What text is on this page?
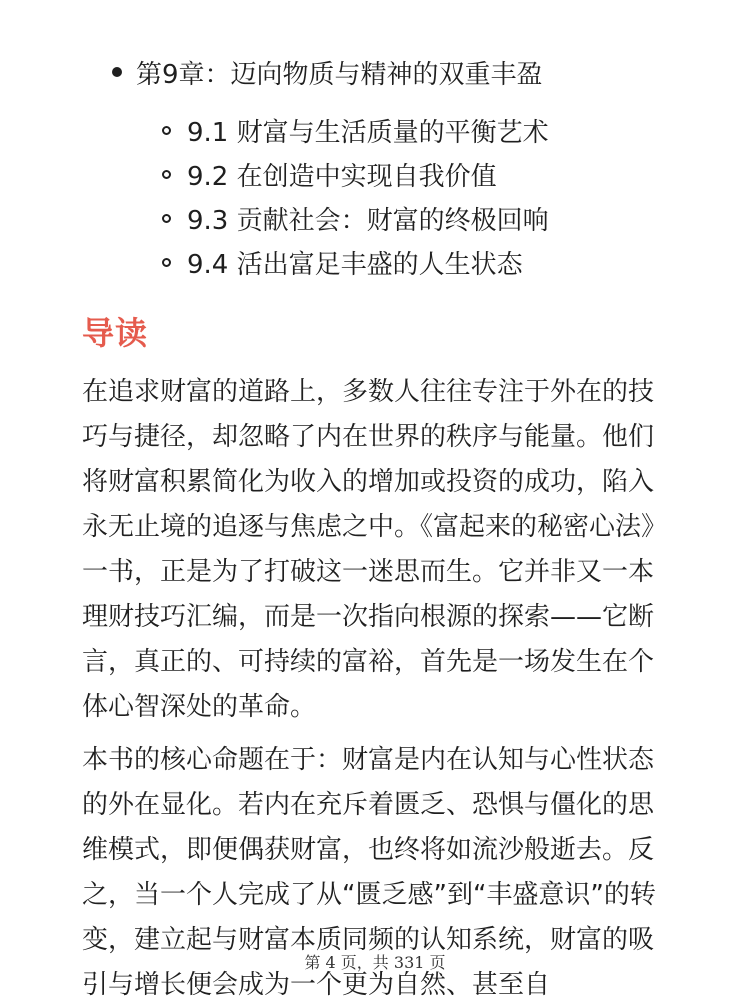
第9章：迈向物质与精神的双重丰盈
9.1 财富与生活质量的平衡艺术
9.2 在创造中实现自我价值
9.3 贡献社会：财富的终极回响
9.4 活出富足丰盛的人生状态
导读

在追求财富的道路上，多数人往往专注于外在的技巧与捷径，却忽略了内在世界的秩序与能量。他们将财富积累简化为收入的增加或投资的成功，陷入永无止境的追逐与焦虑之中。《富起来的秘密心法》一书，正是为了打破这一迷思而生。它并非又一本理财技巧汇编，而是一次指向根源的探索——它断言，真正的、可持续的富裕，首先是一场发生在个体心智深处的革命。

本书的核心命题在于：财富是内在认知与心性状态的外在显化。若内在充斥着匮乏、恐惧与僵化的思维模式，即便偶获财富，也终将如流沙般逝去。反之，当一个人完成了从“匮乏感”到“丰盛意识”的转变，建立起与财富本质同频的认知系统，财富的吸引与增长便会成为一个更为自然、甚至自

第 4 页，共 331 页
